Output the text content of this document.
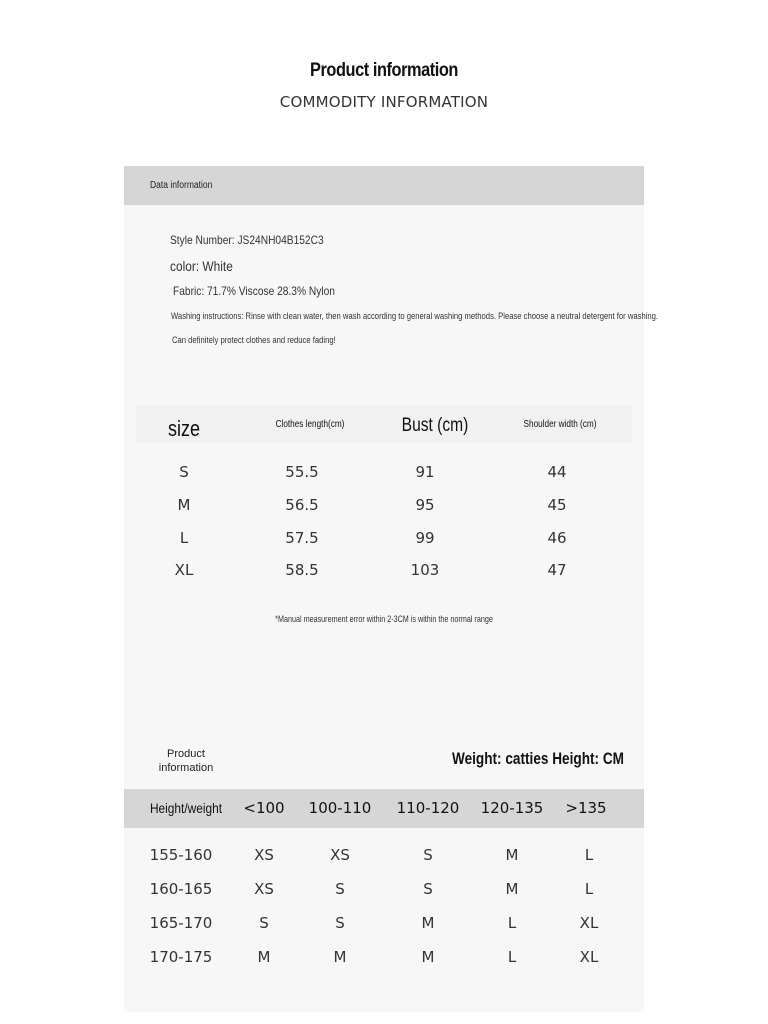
Product information
COMMODITY INFORMATION
Data information
Style Number: JS24NH04B152C3
color: White
Fabric: 71.7% Viscose 28.3% Nylon
Washing instructions: Rinse with clean water, then wash according to general washing methods. Please choose a neutral detergent for washing.
Can definitely protect clothes and reduce fading!
size	Clothes length(cm)	Bust (cm)	Shoulder width (cm)
S	55.5	91	44
M	56.5	95	45
L	57.5	99	46
XL	58.5	103	47
*Manual measurement error within 2-3CM is within the normal range
Product information	Weight: catties Height: CM
Height/weight	<100	100-110 110-120 120-135	>135
155-160	XS	XS	S	M	L
160-165	XS	S	S	M	L
165-170	S	S	M	L	XL
170-175	M	M	M	L	XL
